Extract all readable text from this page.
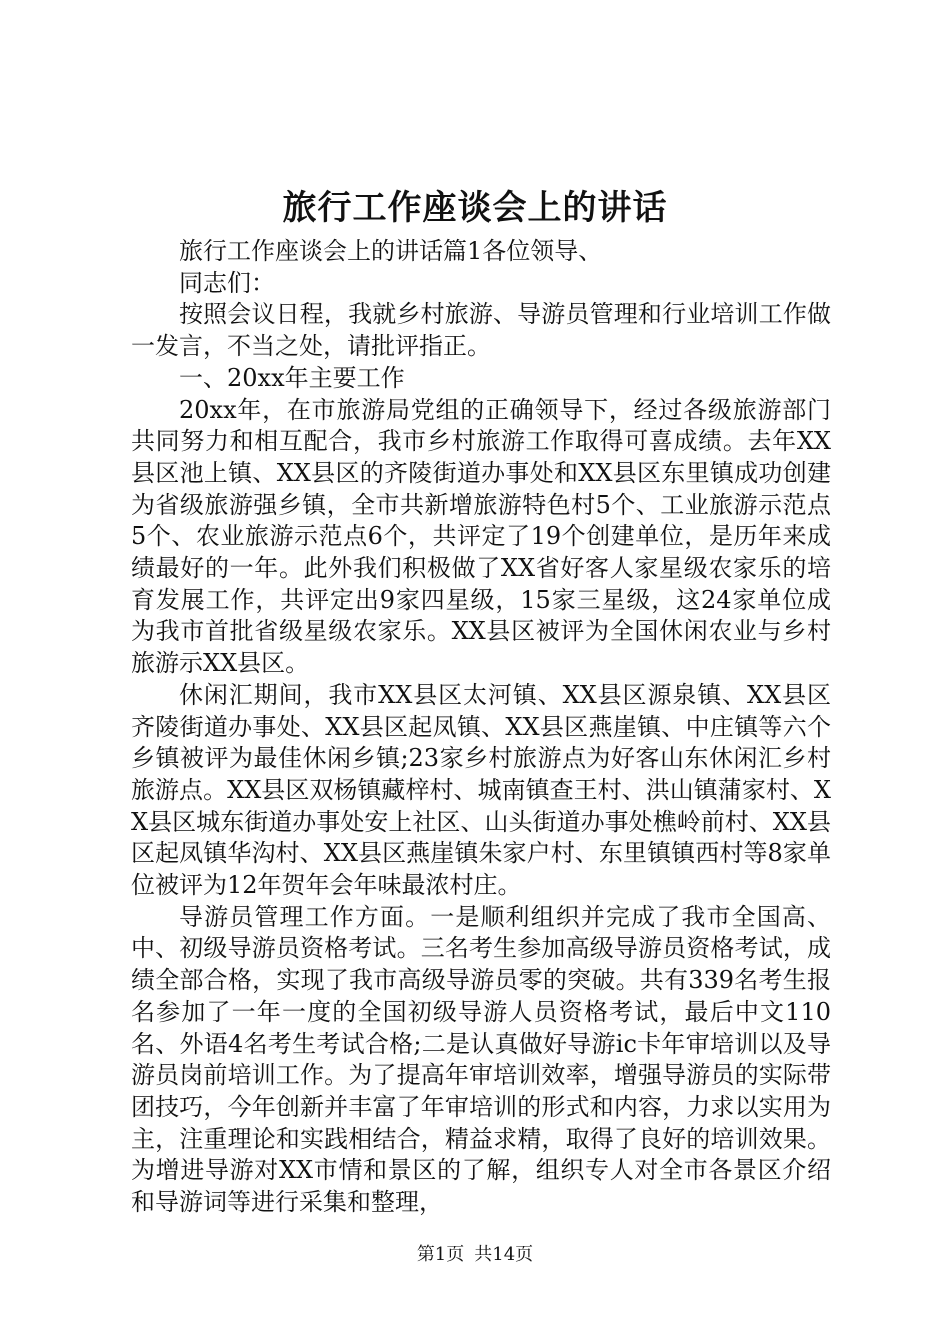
旅行工作座谈会上的讲话

旅行工作座谈会上的讲话篇1各位领导、

同志们：

按照会议日程，我就乡村旅游、导游员管理和行业培训工作做一发言，不当之处，请批评指正。

一、20xx年主要工作

20xx年，在市旅游局党组的正确领导下，经过各级旅游部门共同努力和相互配合，我市乡村旅游工作取得可喜成绩。去年XX县区池上镇、XX县区的齐陵街道办事处和XX县区东里镇成功创建为省级旅游强乡镇，全市共新增旅游特色村5个、工业旅游示范点5个、农业旅游示范点6个，共评定了19个创建单位，是历年来成绩最好的一年。此外我们积极做了XX省好客人家星级农家乐的培育发展工作，共评定出9家四星级，15家三星级，这24家单位成为我市首批省级星级农家乐。XX县区被评为全国休闲农业与乡村旅游示XX县区。

休闲汇期间，我市XX县区太河镇、XX县区源泉镇、XX县区齐陵街道办事处、XX县区起凤镇、XX县区燕崖镇、中庄镇等六个乡镇被评为最佳休闲乡镇;23家乡村旅游点为好客山东休闲汇乡村旅游点。XX县区双杨镇藏梓村、城南镇查王村、洪山镇蒲家村、XX县区城东街道办事处安上社区、山头街道办事处樵岭前村、XX县区起凤镇华沟村、XX县区燕崖镇朱家户村、东里镇镇西村等8家单位被评为12年贺年会年味最浓村庄。

导游员管理工作方面。一是顺利组织并完成了我市全国高、中、初级导游员资格考试。三名考生参加高级导游员资格考试，成绩全部合格，实现了我市高级导游员零的突破。共有339名考生报名参加了一年一度的全国初级导游人员资格考试，最后中文110名、外语4名考生考试合格;二是认真做好导游ic卡年审培训以及导游员岗前培训工作。为了提高年审培训效率，增强导游员的实际带团技巧，今年创新并丰富了年审培训的形式和内容，力求以实用为主，注重理论和实践相结合，精益求精，取得了良好的培训效果。为增进导游对XX市情和景区的了解，组织专人对全市各景区介绍和导游词等进行采集和整理，

第1页 共14页
